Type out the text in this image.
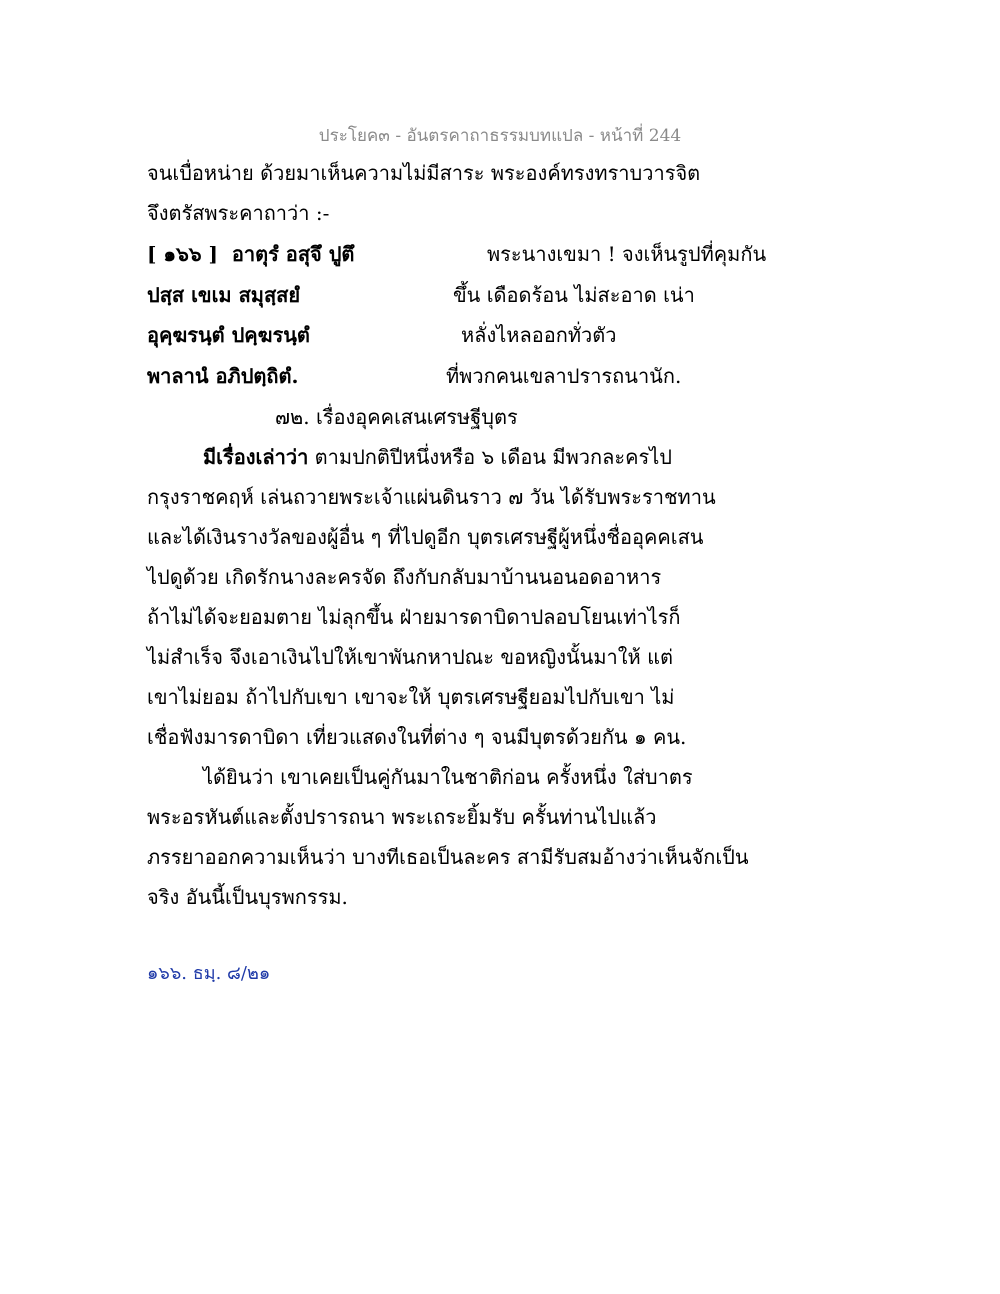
ประโยค๓ - อันตรคาถาธรรมบทแปล - หน้าที่ 244
จนเบื่อหน่าย ด้วยมาเห็นความไม่มีสาระ พระองค์ทรงทราบวารจิต
จึงตรัสพระคาถาว่า :-
[ ๑๖๖ ] อาตุรํ อสุจึ ปูตึ	พระนางเขมา ! จงเห็นรูปที่คุมกัน
ปสฺส เขเม สมุสฺสยํ	ขึ้น เดือดร้อน ไม่สะอาด เน่า
อุคฺฆรนฺตํ ปคฺฆรนฺตํ	หลั่งไหลออกทั่วตัว
พาลานํ อภิปตฺถิตํ.	ที่พวกคนเขลาปรารถนานัก.
๗๒. เรื่องอุคคเสนเศรษฐีบุตร
มีเรื่องเล่าว่า ตามปกติปีหนึ่งหรือ ๖ เดือน มีพวกละครไป
กรุงราชคฤห์ เล่นถวายพระเจ้าแผ่นดินราว ๗ วัน ได้รับพระราชทาน
และได้เงินรางวัลของผู้อื่น ๆ ที่ไปดูอีก บุตรเศรษฐีผู้หนึ่งชื่ออุคคเสน
ไปดูด้วย เกิดรักนางละครจัด ถึงกับกลับมาบ้านนอนอดอาหาร
ถ้าไม่ได้จะยอมตาย ไม่ลุกขึ้น ฝ่ายมารดาบิดาปลอบโยนเท่าไรก็
ไม่สำเร็จ จึงเอาเงินไปให้เขาพันกหาปณะ ขอหญิงนั้นมาให้ แต่
เขาไม่ยอม ถ้าไปกับเขา เขาจะให้ บุตรเศรษฐียอมไปกับเขา ไม่
เชื่อฟังมารดาบิดา เที่ยวแสดงในที่ต่าง ๆ จนมีบุตรด้วยกัน ๑ คน.
ได้ยินว่า เขาเคยเป็นคู่กันมาในชาติก่อน ครั้งหนึ่ง ใส่บาตร
พระอรหันต์และตั้งปรารถนา พระเถระยิ้มรับ ครั้นท่านไปแล้ว
ภรรยาออกความเห็นว่า บางทีเธอเป็นละคร สามีรับสมอ้างว่าเห็นจักเป็น
จริง อันนี้เป็นบุรพกรรม.
๑๖๖. ธมฺ. ๘/๒๑
